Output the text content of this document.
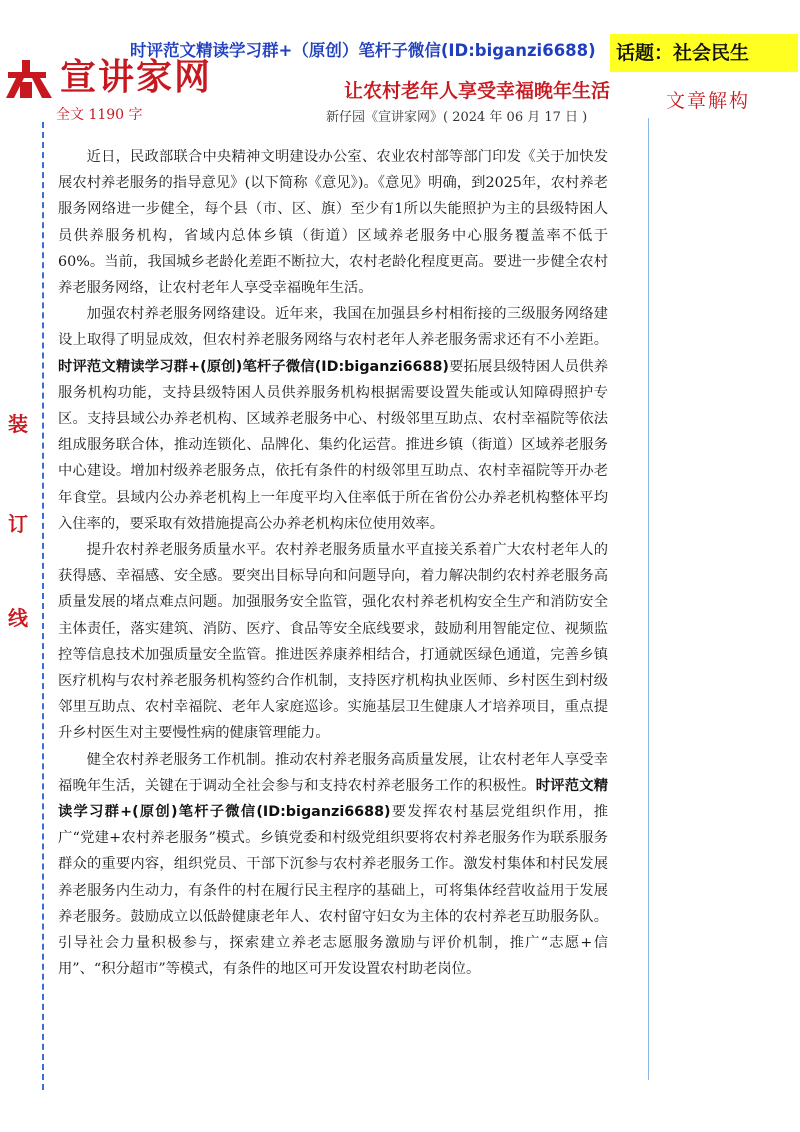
时评范文精读学习群+（原创）笔杆子微信(ID:biganzi6688)	话题：社会民生
宣讲家网	让农村老年人享受幸福晚年生活
全文 1190 字	新仔园《宣讲家网》( 2024 年 06 月 17 日 )
文章解构
装
订
线

近日，民政部联合中央精神文明建设办公室、农业农村部等部门印发《关于加快发展农村养老服务的指导意见》(以下简称《意见》)。《意见》明确，到2025年，农村养老服务网络进一步健全，每个县（市、区、旗）至少有1所以失能照护为主的县级特困人员供养服务机构，省域内总体乡镇（街道）区域养老服务中心服务覆盖率不低于 60%。当前，我国城乡老龄化差距不断拉大，农村老龄化程度更高。要进一步健全农村养老服务网络，让农村老年人享受幸福晚年生活。

加强农村养老服务网络建设。近年来，我国在加强县乡村相衔接的三级服务网络建设上取得了明显成效，但农村养老服务网络与农村老年人养老服务需求还有不小差距。时评范文精读学习群+(原创)笔杆子微信(ID:biganzi6688)要拓展县级特困人员供养服务机构功能，支持县级特困人员供养服务机构根据需要设置失能或认知障碍照护专区。支持县域公办养老机构、区域养老服务中心、村级邻里互助点、农村幸福院等依法组成服务联合体，推动连锁化、品牌化、集约化运营。推进乡镇（街道）区域养老服务中心建设。增加村级养老服务点，依托有条件的村级邻里互助点、农村幸福院等开办老年食堂。县域内公办养老机构上一年度平均入住率低于所在省份公办养老机构整体平均入住率的，要采取有效措施提高公办养老机构床位使用效率。

提升农村养老服务质量水平。农村养老服务质量水平直接关系着广大农村老年人的获得感、幸福感、安全感。要突出目标导向和问题导向，着力解决制约农村养老服务高质量发展的堵点难点问题。加强服务安全监管，强化农村养老机构安全生产和消防安全主体责任，落实建筑、消防、医疗、食品等安全底线要求，鼓励利用智能定位、视频监控等信息技术加强质量安全监管。推进医养康养相结合，打通就医绿色通道，完善乡镇医疗机构与农村养老服务机构签约合作机制，支持医疗机构执业医师、乡村医生到村级邻里互助点、农村幸福院、老年人家庭巡诊。实施基层卫生健康人才培养项目，重点提升乡村医生对主要慢性病的健康管理能力。

健全农村养老服务工作机制。推动农村养老服务高质量发展，让农村老年人享受幸福晚年生活，关键在于调动全社会参与和支持农村养老服务工作的积极性。时评范文精读学习群+(原创)笔杆子微信(ID:biganzi6688)要发挥农村基层党组织作用，推广“党建+农村养老服务”模式。乡镇党委和村级党组织要将农村养老服务作为联系服务群众的重要内容，组织党员、干部下沉参与农村养老服务工作。激发村集体和村民发展养老服务内生动力，有条件的村在履行民主程序的基础上，可将集体经营收益用于发展养老服务。鼓励成立以低龄健康老年人、农村留守妇女为主体的农村养老互助服务队。引导社会力量积极参与，探索建立养老志愿服务激励与评价机制，推广“志愿+信用”、“积分超市”等模式，有条件的地区可开发设置农村助老岗位。
